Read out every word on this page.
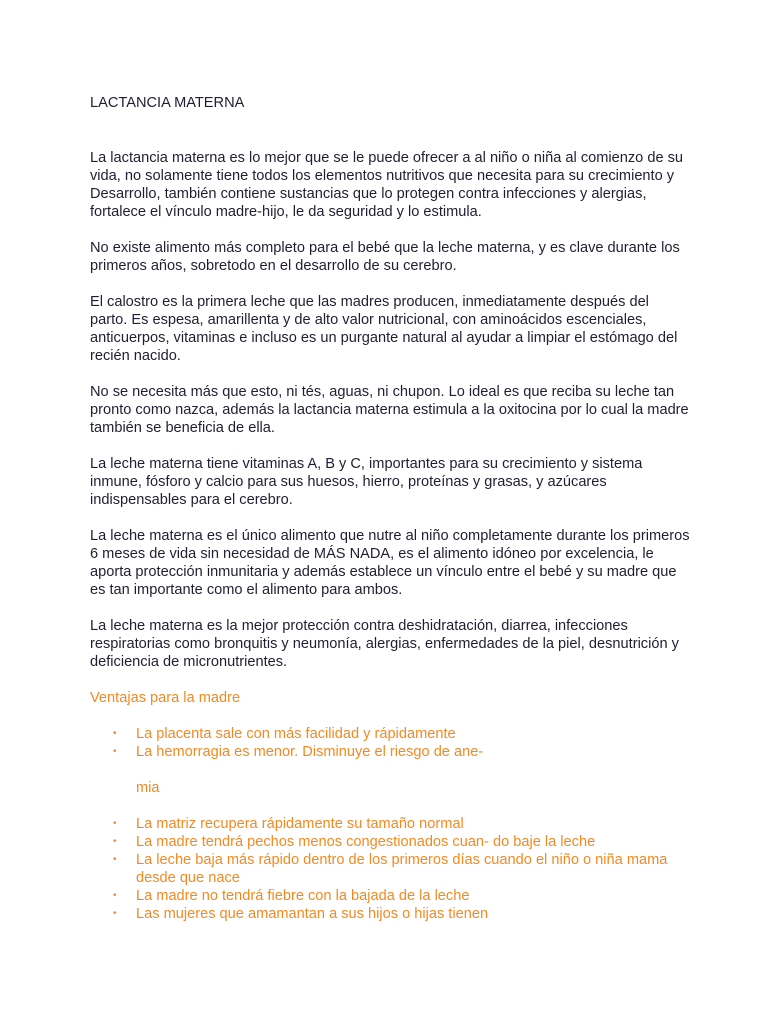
LACTANCIA MATERNA

La lactancia materna es lo mejor que se le puede ofrecer a al niño o niña al comienzo de su vida, no solamente tiene todos los elementos nutritivos que necesita para su crecimiento y Desarrollo, también contiene sustancias que lo protegen contra infecciones y alergias, fortalece el vínculo madre-hijo, le da seguridad y lo estimula.

No existe alimento más completo para el bebé que la leche materna, y es clave durante los primeros años, sobretodo en el desarrollo de su cerebro.

El calostro es la primera leche que las madres producen, inmediatamente después del parto. Es espesa, amarillenta y de alto valor nutricional, con aminoácidos escenciales, anticuerpos, vitaminas e incluso es un purgante natural al ayudar a limpiar el estómago del recién nacido.

No se necesita más que esto, ni tés, aguas, ni chupon. Lo ideal es que reciba su leche tan pronto como nazca, además la lactancia materna estimula a la oxitocina por lo cual la madre también se beneficia de ella.

La leche materna tiene vitaminas A, B y C, importantes para su crecimiento y sistema inmune, fósforo y calcio para sus huesos, hierro, proteínas y grasas, y azúcares indispensables para el cerebro.

La leche materna es el único alimento que nutre al niño completamente durante los primeros 6 meses de vida sin necesidad de MÁS NADA, es el alimento idóneo por excelencia, le aporta protección inmunitaria y además establece un vínculo entre el bebé y su madre que es tan importante como el alimento para ambos.

La leche materna es la mejor protección contra deshidratación, diarrea, infecciones respiratorias como bronquitis y neumonía, alergias, enfermedades de la piel, desnutrición y deficiencia de micronutrientes.

Ventajas para la madre
• La placenta sale con más facilidad y rápidamente
• La hemorragia es menor. Disminuye el riesgo de ane-
mia
• La matriz recupera rápidamente su tamaño normal
• La madre tendrá pechos menos congestionados cuan- do baje la leche
• La leche baja más rápido dentro de los primeros días cuando el niño o niña mama desde que nace
• La madre no tendrá fiebre con la bajada de la leche
• Las mujeres que amamantan a sus hijos o hijas tienen
